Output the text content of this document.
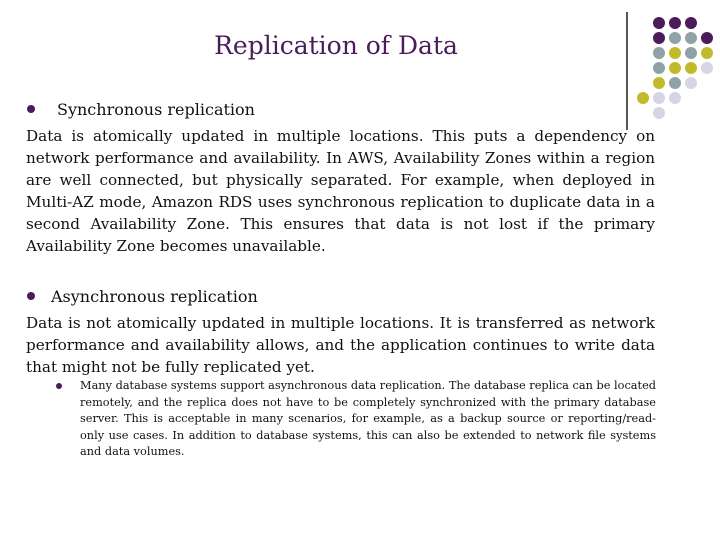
Replication of Data
Synchronous replication
Data is atomically updated in multiple locations. This puts a dependency on network performance and availability. In AWS, Availability Zones within a region are well connected, but physically separated. For example, when deployed in Multi-AZ mode, Amazon RDS uses synchronous replication to duplicate data in a second Availability Zone. This ensures that data is not lost if the primary Availability Zone becomes unavailable.
Asynchronous replication
Data is not atomically updated in multiple locations. It is transferred as network performance and availability allows, and the application continues to write data that might not be fully replicated yet.
Many database systems support asynchronous data replication. The database replica can be located remotely, and the replica does not have to be completely synchronized with the primary database server. This is acceptable in many scenarios, for example, as a backup source or reporting/read-only use cases. In addition to database systems, this can also be extended to network file systems and data volumes.
